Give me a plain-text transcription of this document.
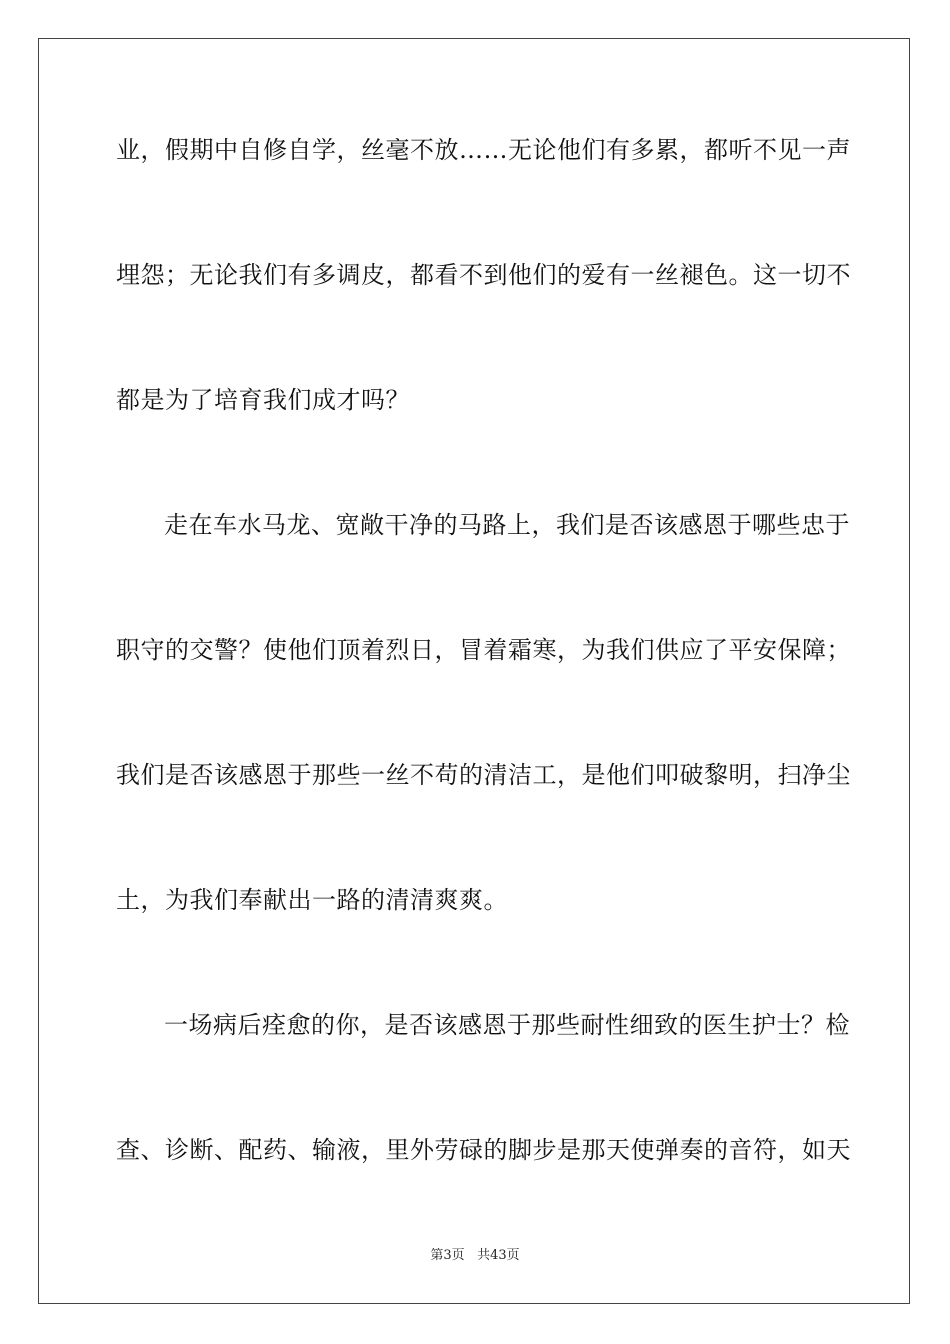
业，假期中自修自学，丝毫不放……无论他们有多累，都听不见一声
埋怨；无论我们有多调皮，都看不到他们的爱有一丝褪色。这一切不
都是为了培育我们成才吗？
走在车水马龙、宽敞干净的马路上，我们是否该感恩于哪些忠于
职守的交警？使他们顶着烈日，冒着霜寒，为我们供应了平安保障；
我们是否该感恩于那些一丝不苟的清洁工，是他们叩破黎明，扫净尘
土，为我们奉献出一路的清清爽爽。
一场病后痊愈的你，是否该感恩于那些耐性细致的医生护士？检
查、诊断、配药、输液，里外劳碌的脚步是那天使弹奏的音符，如天
第3页 共43页
